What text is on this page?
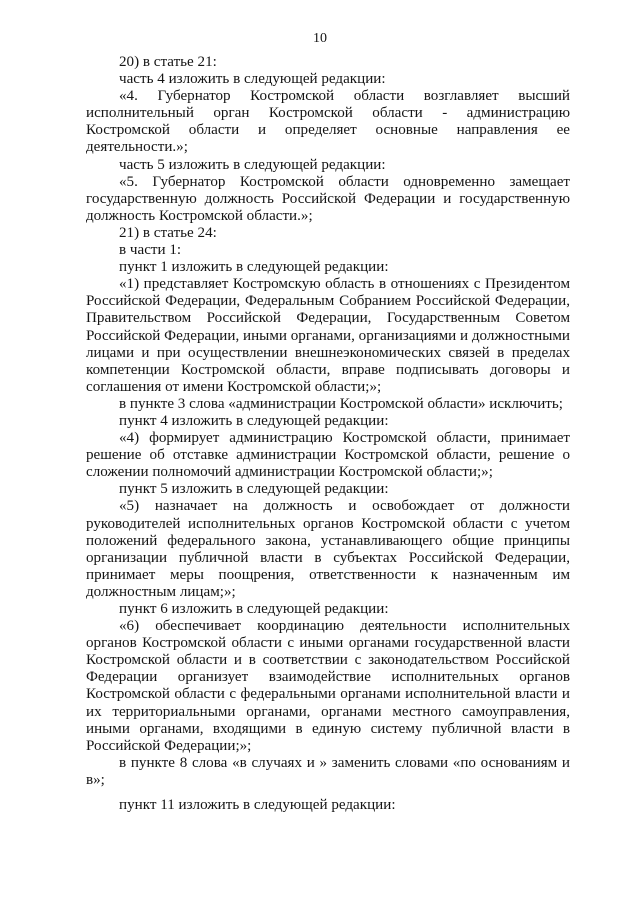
10

20) в статье 21:

часть 4 изложить в следующей редакции:

«4. Губернатор Костромской области возглавляет высший исполнительный орган Костромской области - администрацию Костромской области и определяет основные направления ее деятельности.»;

часть 5 изложить в следующей редакции:

«5. Губернатор Костромской области одновременно замещает государственную должность Российской Федерации и государственную должность Костромской области.»;

21) в статье 24:

в части 1:

пункт 1 изложить в следующей редакции:

«1) представляет Костромскую область в отношениях с Президентом Российской Федерации, Федеральным Собранием Российской Федерации, Правительством Российской Федерации, Государственным Советом Российской Федерации, иными органами, организациями и должностными лицами и при осуществлении внешнеэкономических связей в пределах компетенции Костромской области, вправе подписывать договоры и соглашения от имени Костромской области;»;

в пункте 3 слова «администрации Костромской области» исключить;

пункт 4 изложить в следующей редакции:

«4) формирует администрацию Костромской области, принимает решение об отставке администрации Костромской области, решение о сложении полномочий администрации Костромской области;»;

пункт 5 изложить в следующей редакции:

«5) назначает на должность и освобождает от должности руководителей исполнительных органов Костромской области с учетом положений федерального закона, устанавливающего общие принципы организации публичной власти в субъектах Российской Федерации, принимает меры поощрения, ответственности к назначенным им должностным лицам;»;

пункт 6 изложить в следующей редакции:

«6) обеспечивает координацию деятельности исполнительных органов Костромской области с иными органами государственной власти Костромской области и в соответствии с законодательством Российской Федерации организует взаимодействие исполнительных органов Костромской области с федеральными органами исполнительной власти и их территориальными органами, органами местного самоуправления, иными органами, входящими в единую систему публичной власти в Российской Федерации;»;

в пункте 8 слова «в случаях и » заменить словами «по основаниям и в»;

пункт 11 изложить в следующей редакции:
